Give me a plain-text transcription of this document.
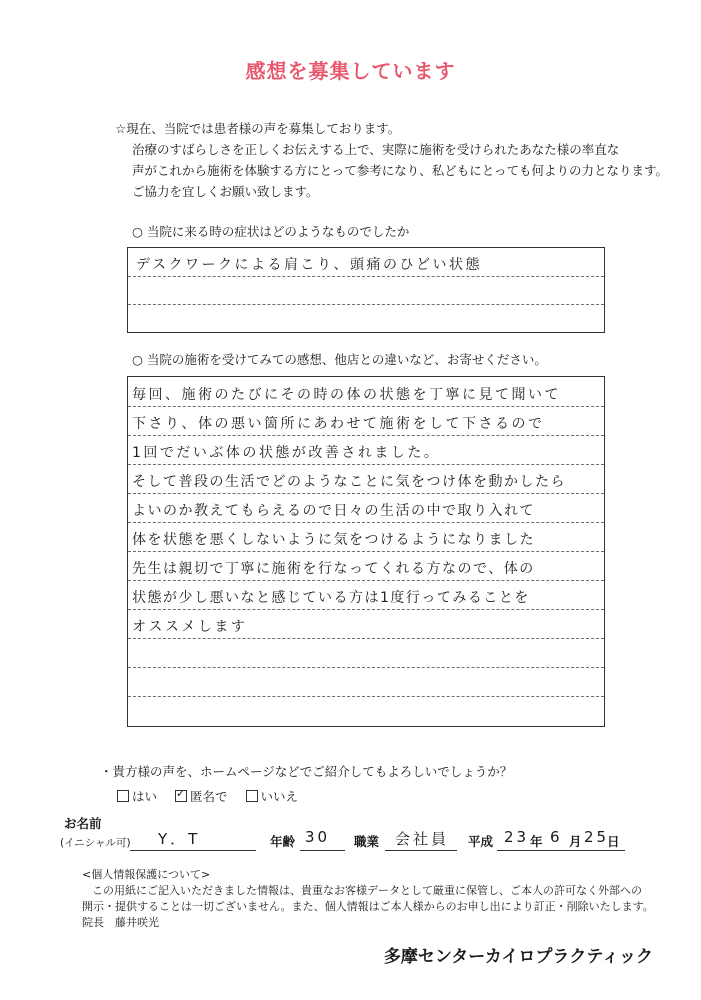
感想を募集しています
☆現在、当院では患者様の声を募集しております。
治療のすばらしさを正しくお伝えする上で、実際に施術を受けられたあなた様の率直な
声がこれから施術を体験する方にとって参考になり、私どもにとっても何よりの力となります。
ご協力を宜しくお願い致します。
○ 当院に来る時の症状はどのようなものでしたか
デスクワークによる肩こり、頭痛のひどい状態
○ 当院の施術を受けてみての感想、他店との違いなど、お寄せください。
毎回、施術のたびにその時の体の状態を丁寧に見て聞いて
下さり、体の悪い箇所にあわせて施術をして下さるので
1回でだいぶ体の状態が改善されました。
そして普段の生活でどのようなことに気をつけ体を動かしたら
よいのか教えてもらえるので日々の生活の中で取り入れて
体を状態を悪くしないように気をつけるようになりました
先生は親切で丁寧に施術を行なってくれる方なので、体の
状態が少し悪いなと感じている方は1度行ってみることを
オススメします
・貴方様の声を、ホームページなどでご紹介してもよろしいでしょうか？
はい ✓	匿名で	いいえ
お名前
(イニシャル可) Y．T	年齢 30 職業 会社員 平成 23 年 6 月 25
日
<個人情報保護について>
この用紙にご記入いただきました情報は、貴重なお客様データとして厳重に保管し、ご本人の許可なく外部への
開示・提供することは一切ございません。また、個人情報はご本人様からのお申し出により訂正・削除いたします。
院長　藤井咲光
多摩センターカイロプラクティック
